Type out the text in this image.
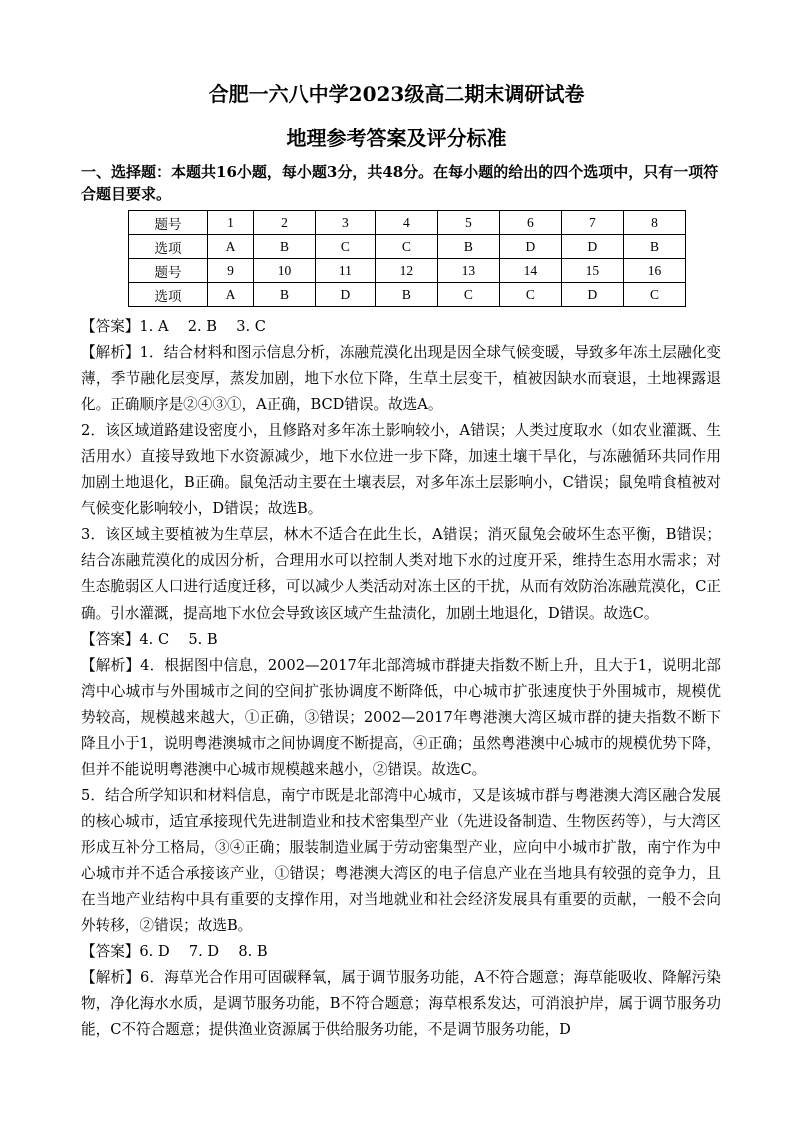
合肥一六八中学2023级高二期末调研试卷
地理参考答案及评分标准
一、选择题：本题共16小题，每小题3分，共48分。在每小题的给出的四个选项中，只有一项符合题目要求。
题号	1	2	3	4	5	6	7	8
选项	A	B	C	C	B	D	D	B
题号	9	10	11	12	13	14	15	16
选项	A	B	D	B	C	C	D	C

【答案】1. A　 2. B　 3. C

【解析】1．结合材料和图示信息分析，冻融荒漠化出现是因全球气候变暖，导致多年冻土层融化变薄，季节融化层变厚，蒸发加剧，地下水位下降，生草土层变干，植被因缺水而衰退，土地裸露退化。正确顺序是②④③①，A正确，BCD错误。故选A。

2．该区域道路建设密度小，且修路对多年冻土影响较小，A错误；人类过度取水（如农业灌溉、生活用水）直接导致地下水资源减少，地下水位进一步下降，加速土壤干旱化，与冻融循环共同作用加剧土地退化，B正确。鼠兔活动主要在土壤表层，对多年冻土层影响小，C错误；鼠兔啃食植被对气候变化影响较小，D错误；故选B。

3．该区域主要植被为生草层，林木不适合在此生长，A错误；消灭鼠兔会破坏生态平衡，B错误；结合冻融荒漠化的成因分析，合理用水可以控制人类对地下水的过度开采，维持生态用水需求；对生态脆弱区人口进行适度迁移，可以减少人类活动对冻土区的干扰，从而有效防治冻融荒漠化，C正确。引水灌溉，提高地下水位会导致该区域产生盐渍化，加剧土地退化，D错误。故选C。

【答案】4. C　 5. B

【解析】4．根据图中信息，2002—2017年北部湾城市群捷夫指数不断上升，且大于1，说明北部湾中心城市与外围城市之间的空间扩张协调度不断降低，中心城市扩张速度快于外围城市，规模优势较高，规模越来越大，①正确，③错误；2002—2017年粤港澳大湾区城市群的捷夫指数不断下降且小于1，说明粤港澳城市之间协调度不断提高，④正确；虽然粤港澳中心城市的规模优势下降，但并不能说明粤港澳中心城市规模越来越小，②错误。故选C。

5．结合所学知识和材料信息，南宁市既是北部湾中心城市，又是该城市群与粤港澳大湾区融合发展的核心城市，适宜承接现代先进制造业和技术密集型产业（先进设备制造、生物医药等），与大湾区形成互补分工格局，③④正确；服装制造业属于劳动密集型产业，应向中小城市扩散，南宁作为中心城市并不适合承接该产业，①错误；粤港澳大湾区的电子信息产业在当地具有较强的竞争力，且在当地产业结构中具有重要的支撑作用，对当地就业和社会经济发展具有重要的贡献，一般不会向外转移，②错误；故选B。

【答案】6. D　 7. D　 8. B

【解析】6．海草光合作用可固碳释氧，属于调节服务功能，A不符合题意；海草能吸收、降解污染物，净化海水水质，是调节服务功能，B不符合题意；海草根系发达，可消浪护岸，属于调节服务功能，C不符合题意；提供渔业资源属于供给服务功能，不是调节服务功能，D
